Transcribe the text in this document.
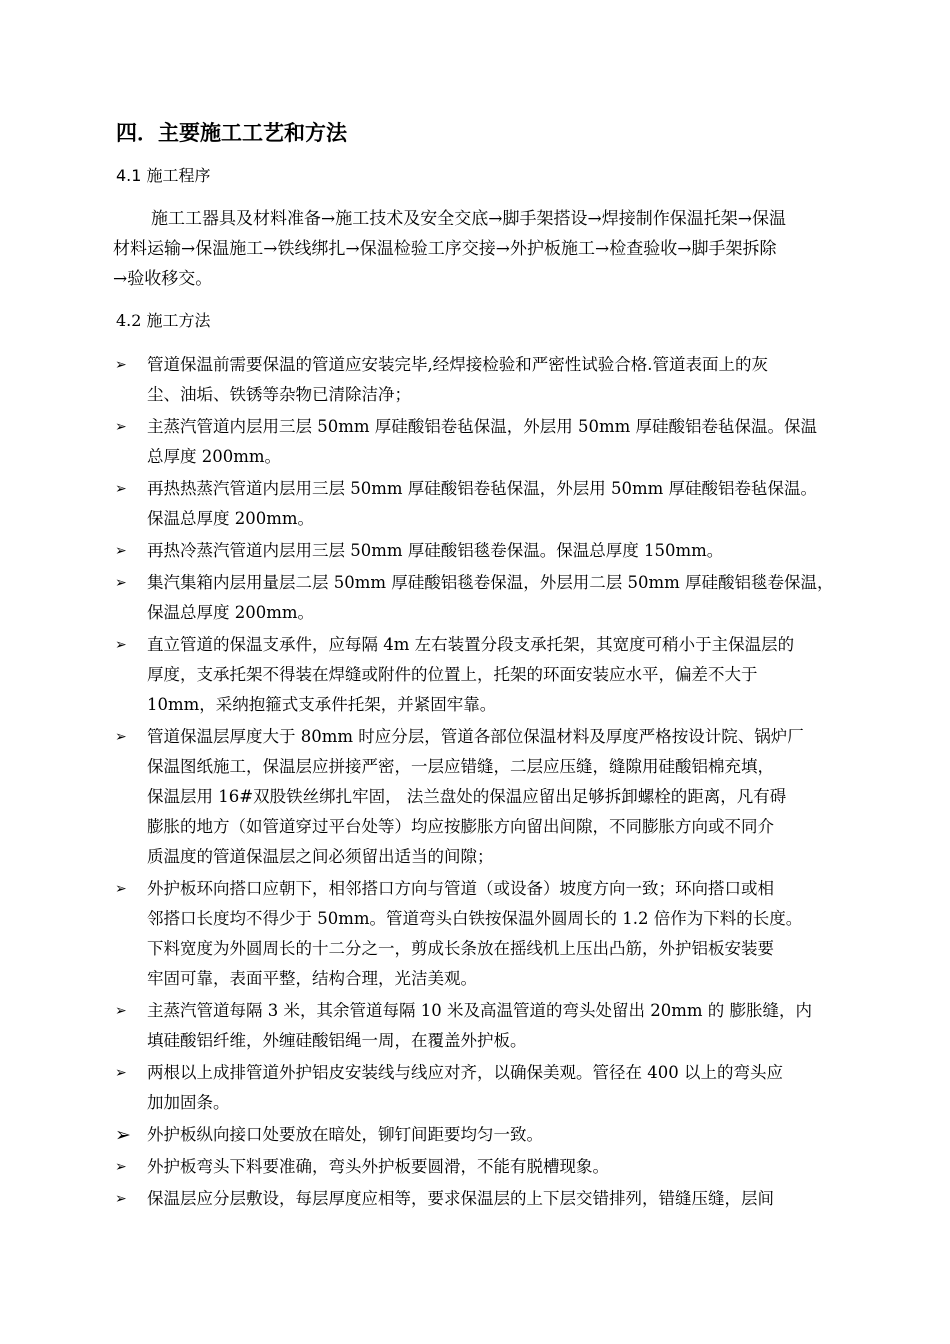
四．主要施工工艺和方法
4.1 施工程序
施工工器具及材料准备→施工技术及安全交底→脚手架搭设→焊接制作保温托架→保温
材料运输→保温施工→铁线绑扎→保温检验工序交接→外护板施工→检查验收→脚手架拆除
→验收移交。
4.2 施工方法
➢	管道保温前需要保温的管道应安装完毕,经焊接检验和严密性试验合格.管道表面上的灰
尘、油垢、铁锈等杂物已清除洁净；
➢	主蒸汽管道内层用三层 50mm 厚硅酸铝卷毡保温，外层用 50mm 厚硅酸铝卷毡保温。保温
总厚度 200mm。
➢	再热热蒸汽管道内层用三层 50mm 厚硅酸铝卷毡保温，外层用 50mm 厚硅酸铝卷毡保温。
保温总厚度 200mm。
➢	再热冷蒸汽管道内层用三层 50mm 厚硅酸铝毯卷保温。保温总厚度 150mm。
➢	集汽集箱内层用量层二层 50mm 厚硅酸铝毯卷保温，外层用二层 50mm 厚硅酸铝毯卷保温，
保温总厚度 200mm。
➢	直立管道的保温支承件，应每隔 4m 左右装置分段支承托架，其宽度可稍小于主保温层的
厚度，支承托架不得装在焊缝或附件的位置上，托架的环面安装应水平，偏差不大于
10mm，采纳抱箍式支承件托架，并紧固牢靠。
➢	管道保温层厚度大于 80mm 时应分层，管道各部位保温材料及厚度严格按设计院、锅炉厂
保温图纸施工，保温层应拼接严密，一层应错缝，二层应压缝，缝隙用硅酸铝棉充填，
保温层用 16#双股铁丝绑扎牢固， 法兰盘处的保温应留出足够拆卸螺栓的距离，凡有碍
膨胀的地方（如管道穿过平台处等）均应按膨胀方向留出间隙，不同膨胀方向或不同介
质温度的管道保温层之间必须留出适当的间隙；
➢	外护板环向搭口应朝下，相邻搭口方向与管道（或设备）坡度方向一致；环向搭口或相
邻搭口长度均不得少于 50mm。管道弯头白铁按保温外圆周长的 1.2 倍作为下料的长度。
下料宽度为外圆周长的十二分之一，剪成长条放在摇线机上压出凸筋，外护铝板安装要
牢固可靠，表面平整，结构合理，光洁美观。
➢	主蒸汽管道每隔 3 米，其余管道每隔 10 米及高温管道的弯头处留出 20mm 的 膨胀缝，内
填硅酸铝纤维，外缠硅酸铝绳一周，在覆盖外护板。
➢	两根以上成排管道外护铝皮安装线与线应对齐，以确保美观。管径在 400 以上的弯头应
加加固条。
➢ 外护板纵向接口处要放在暗处，铆钉间距要均匀一致。
➢	外护板弯头下料要准确，弯头外护板要圆滑，不能有脱槽现象。
➢	保温层应分层敷设，每层厚度应相等，要求保温层的上下层交错排列，错缝压缝，层间
